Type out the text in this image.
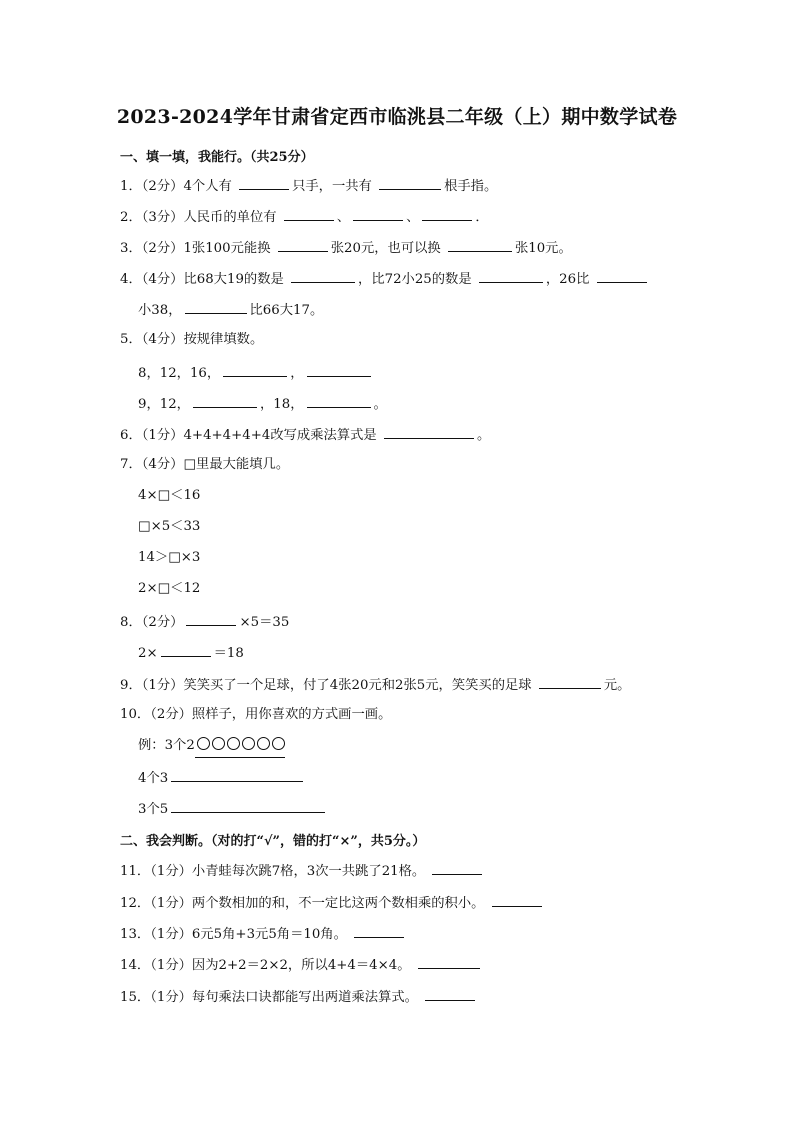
2023-2024学年甘肃省定西市临洮县二年级（上）期中数学试卷
一、填一填，我能行。（共25分）
1．（2分）4个人有	只手，一共有	根手指。
2．（3分）人民币的单位有	、	、	．
3．（2分）1张100元能换	张20元，也可以换	张10元。
4．（4分）比68大19的数是	，比72小25的数是	，26比
小38，	比66大17。
5．（4分）按规律填数。
8，12，16，	，
9，12，	，18，	。
6．（1分）4+4+4+4+4改写成乘法算式是	。
7．（4分）□里最大能填几。
4×□＜16
□×5＜33
14＞□×3
2×□＜12
8．（2分）	×5＝35
2×	＝18
9．（1分）笑笑买了一个足球，付了4张20元和2张5元，笑笑买的足球	元。
10．（2分）照样子，用你喜欢的方式画一画。
例：3个2
4个3
3个5
二、我会判断。（对的打“√”，错的打“×”，共5分。）
11．（1分）小青蛙每次跳7格，3次一共跳了21格。
12．（1分）两个数相加的和，不一定比这两个数相乘的积小。
13．（1分）6元5角+3元5角＝10角。
14．（1分）因为2+2＝2×2，所以4+4＝4×4。
15．（1分）每句乘法口诀都能写出两道乘法算式。
